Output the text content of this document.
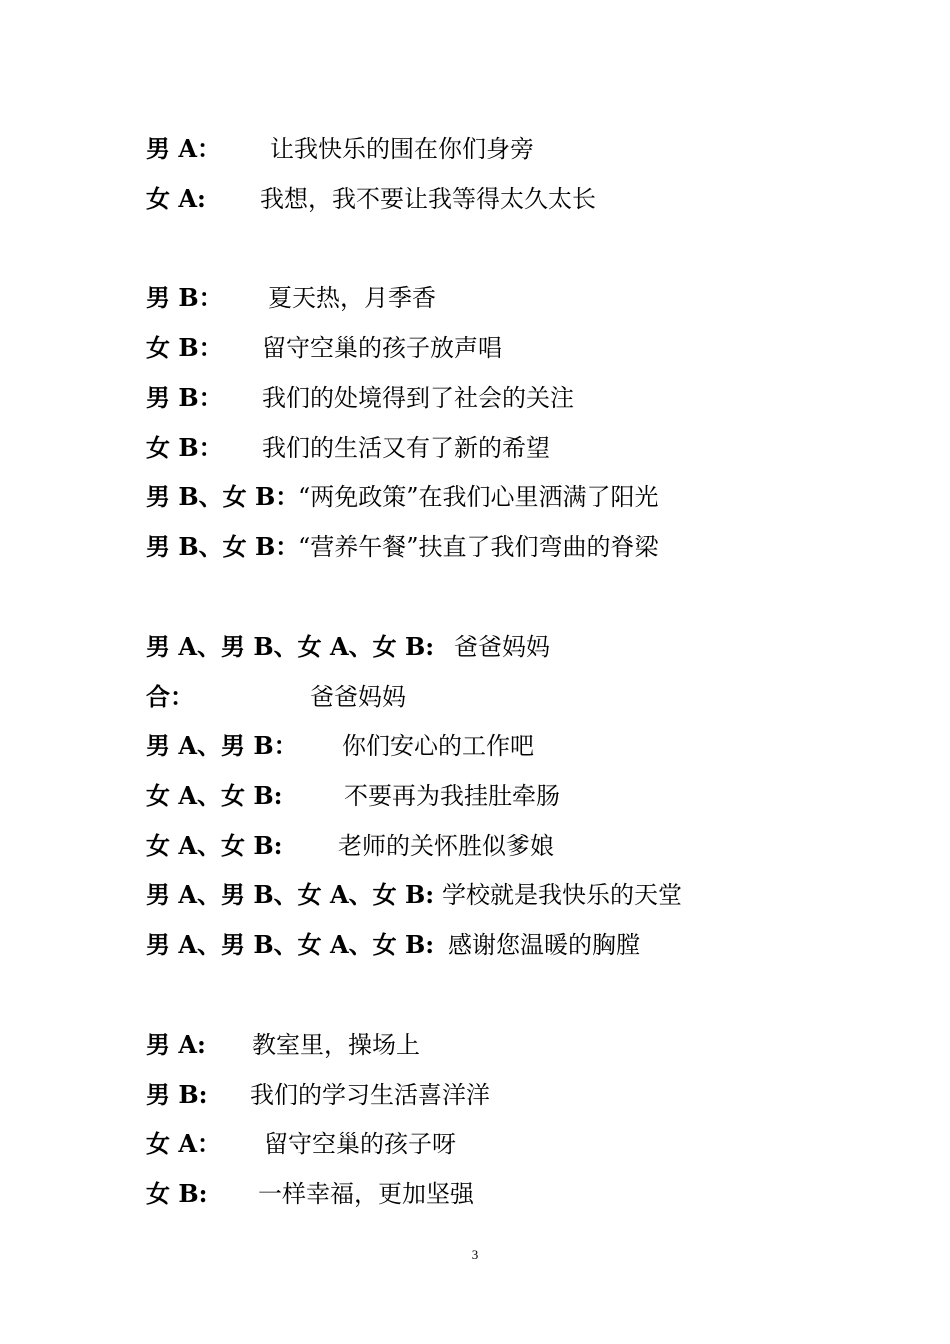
男 A： 让我快乐的围在你们身旁
女 A: 我想，我不要让我等得太久太长
男 B： 夏天热，月季香
女 B： 留守空巢的孩子放声唱
男 B： 我们的处境得到了社会的关注
女 B： 我们的生活又有了新的希望
男 B、女 B：
“两免政策”在我们心里洒满了阳光
男 B、女 B：
“营养午餐”扶直了我们弯曲的脊梁
男 A、男 B、女 A、女 B: 爸爸妈妈
合：	爸爸妈妈
男 A、男 B： 你们安心的工作吧
女 A、女 B:	不要再为我挂肚牵肠
女 A、女 B: 老师的关怀胜似爹娘
男 A、男 B、女 A、女 B: 学校就是我快乐的天堂
男 A、男 B、女 A、女 B: 感谢您温暖的胸膛
男 A: 教室里，操场上
男 B: 我们的学习生活喜洋洋
女 A： 留守空巢的孩子呀
女 B: 一样幸福，更加坚强
3
